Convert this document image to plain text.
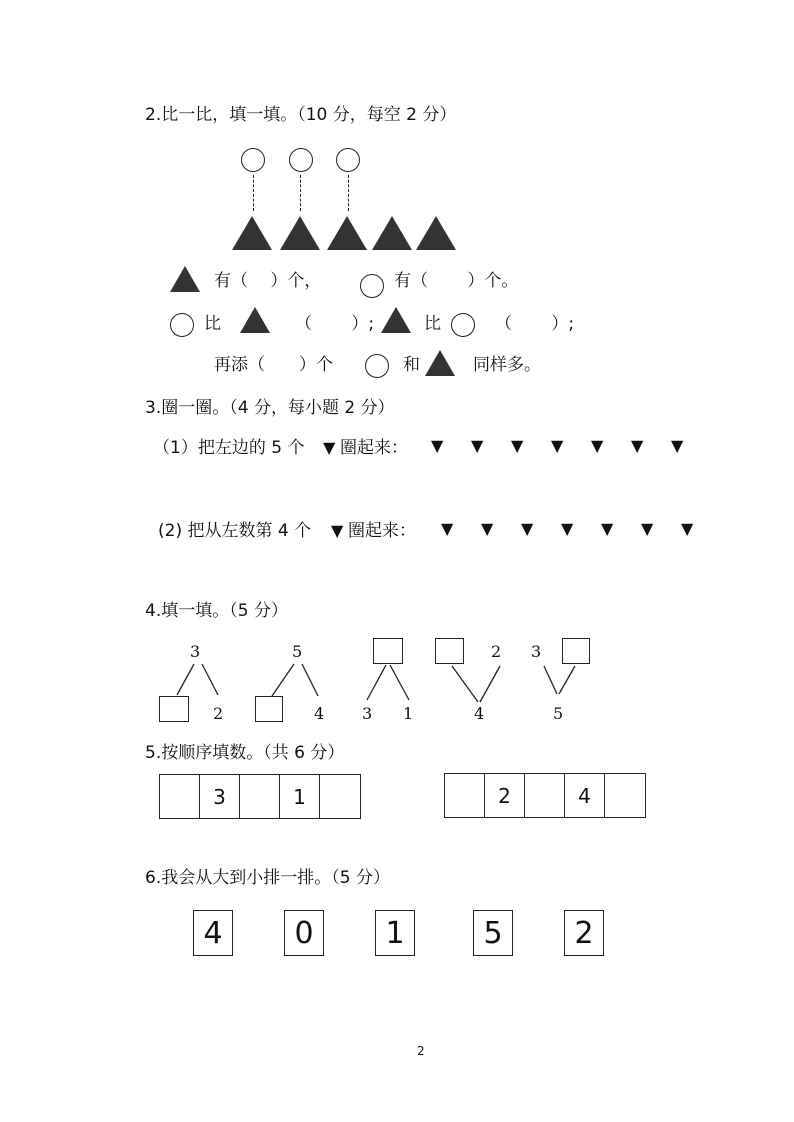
2.比一比，填一填。（10 分，每空 2 分）
有（　 ）个，	有（　　 ）个。
比	（　　 ）;	比	（　　 ）;
再添（　　）个	和	同样多。
3.圈一圈。（4 分，每小题 2 分）
（1）把左边的 5 个 ▼ 圈起来： ▼ ▼ ▼ ▼ ▼ ▼ ▼
(2) 把从左数第 4 个 ▼ 圈起来： ▼ ▼ ▼ ▼ ▼ ▼ ▼
4.填一填。（5 分）
3
2
5
4 3 1
2
4
3
5
5.按顺序填数。（共 6 分）
3	1	2	4
6.我会从大到小排一排。（5 分）
4	0	1	5	2
2
